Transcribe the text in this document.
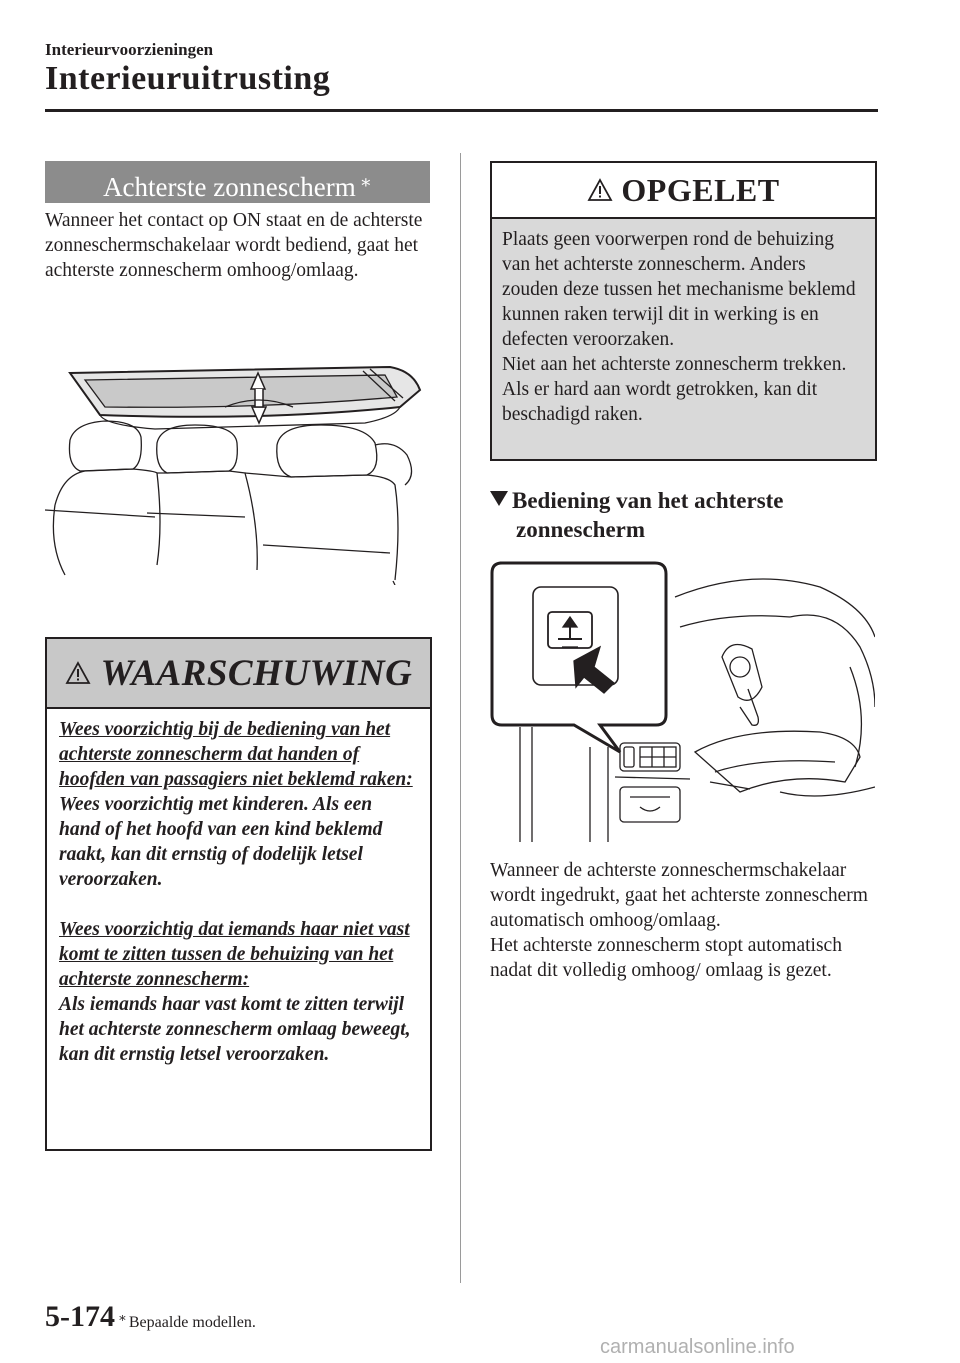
Interieurvoorzieningen
Interieuruitrusting
Achterste zonnescherm ∗
Wanneer het contact op ON staat en de achterste zonneschermschakelaar wordt bediend, gaat het achterste zonnescherm omhoog/omlaag.
WAARSCHUWING

Wees voorzichtig bij de bediening van het achterste zonnescherm dat handen of hoofden van passagiers niet beklemd raken:

Wees voorzichtig met kinderen. Als een hand of het hoofd van een kind beklemd raakt, kan dit ernstig of dodelijk letsel veroorzaken.

Wees voorzichtig dat iemands haar niet vast komt te zitten tussen de behuizing van het achterste zonnescherm:

Als iemands haar vast komt te zitten terwijl het achterste zonnescherm omlaag beweegt, kan dit ernstig letsel veroorzaken.

OPGELET

Plaats geen voorwerpen rond de behuizing van het achterste zonnescherm. Anders zouden deze tussen het mechanisme beklemd kunnen raken terwijl dit in werking is en defecten veroorzaken.

Niet aan het achterste zonnescherm trekken. Als er hard aan wordt getrokken, kan dit beschadigd raken.

Bediening van het achterste
zonnescherm

Wanneer de achterste zonneschermschakelaar wordt ingedrukt, gaat het achterste zonnescherm automatisch omhoog/omlaag.

Het achterste zonnescherm stopt automatisch nadat dit volledig omhoog/ omlaag is gezet.

5-174 ∗ Bepaalde modellen.
carmanualsonline.info
